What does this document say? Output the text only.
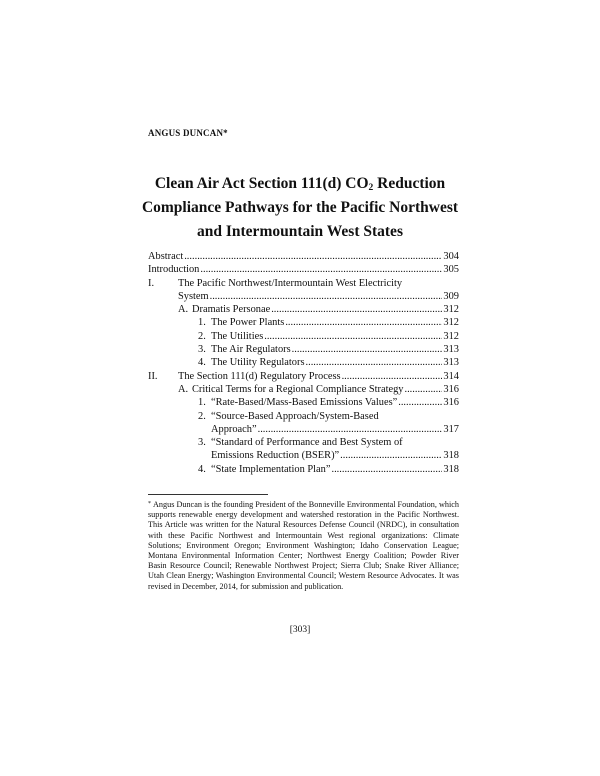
ANGUS DUNCAN*
Clean Air Act Section 111(d) $CO_2$ Reduction
Compliance Pathways for the Pacific Northwest
and Intermountain West States
Abstract .....	304
Introduction .....	305
I.	The Pacific Northwest/Intermountain West Electricity
System .....	309
A. Dramatis Personae .....	312
1. The Power Plants .....	312
2. The Utilities .....	312
3. The Air Regulators .....	313
4. The Utility Regulators .....	313
II.	The Section 111(d) Regulatory Process .....	314
A. Critical Terms for a Regional Compliance Strategy .....	316
1. “Rate-Based/Mass-Based Emissions Values” .....	316
2. “Source-Based Approach/System-Based
Approach” .....	317
3. “Standard of Performance and Best System of
Emissions Reduction (BSER)” .....	318
4. “State Implementation Plan” .....	318
* Angus Duncan is the founding President of the Bonneville Environmental Foundation, which supports renewable energy development and watershed restoration in the Pacific Northwest. This Article was written for the Natural Resources Defense Council (NRDC), in consultation with these Pacific Northwest and Intermountain West regional organizations: Climate Solutions; Environment Oregon; Environment Washington; Idaho Conservation League; Montana Environmental Information Center; Northwest Energy Coalition; Powder River Basin Resource Council; Renewable Northwest Project; Sierra Club; Snake River Alliance; Utah Clean Energy; Washington Environmental Council; Western Resource Advocates. It was revised in December, 2014, for submission and publication.
[303]
